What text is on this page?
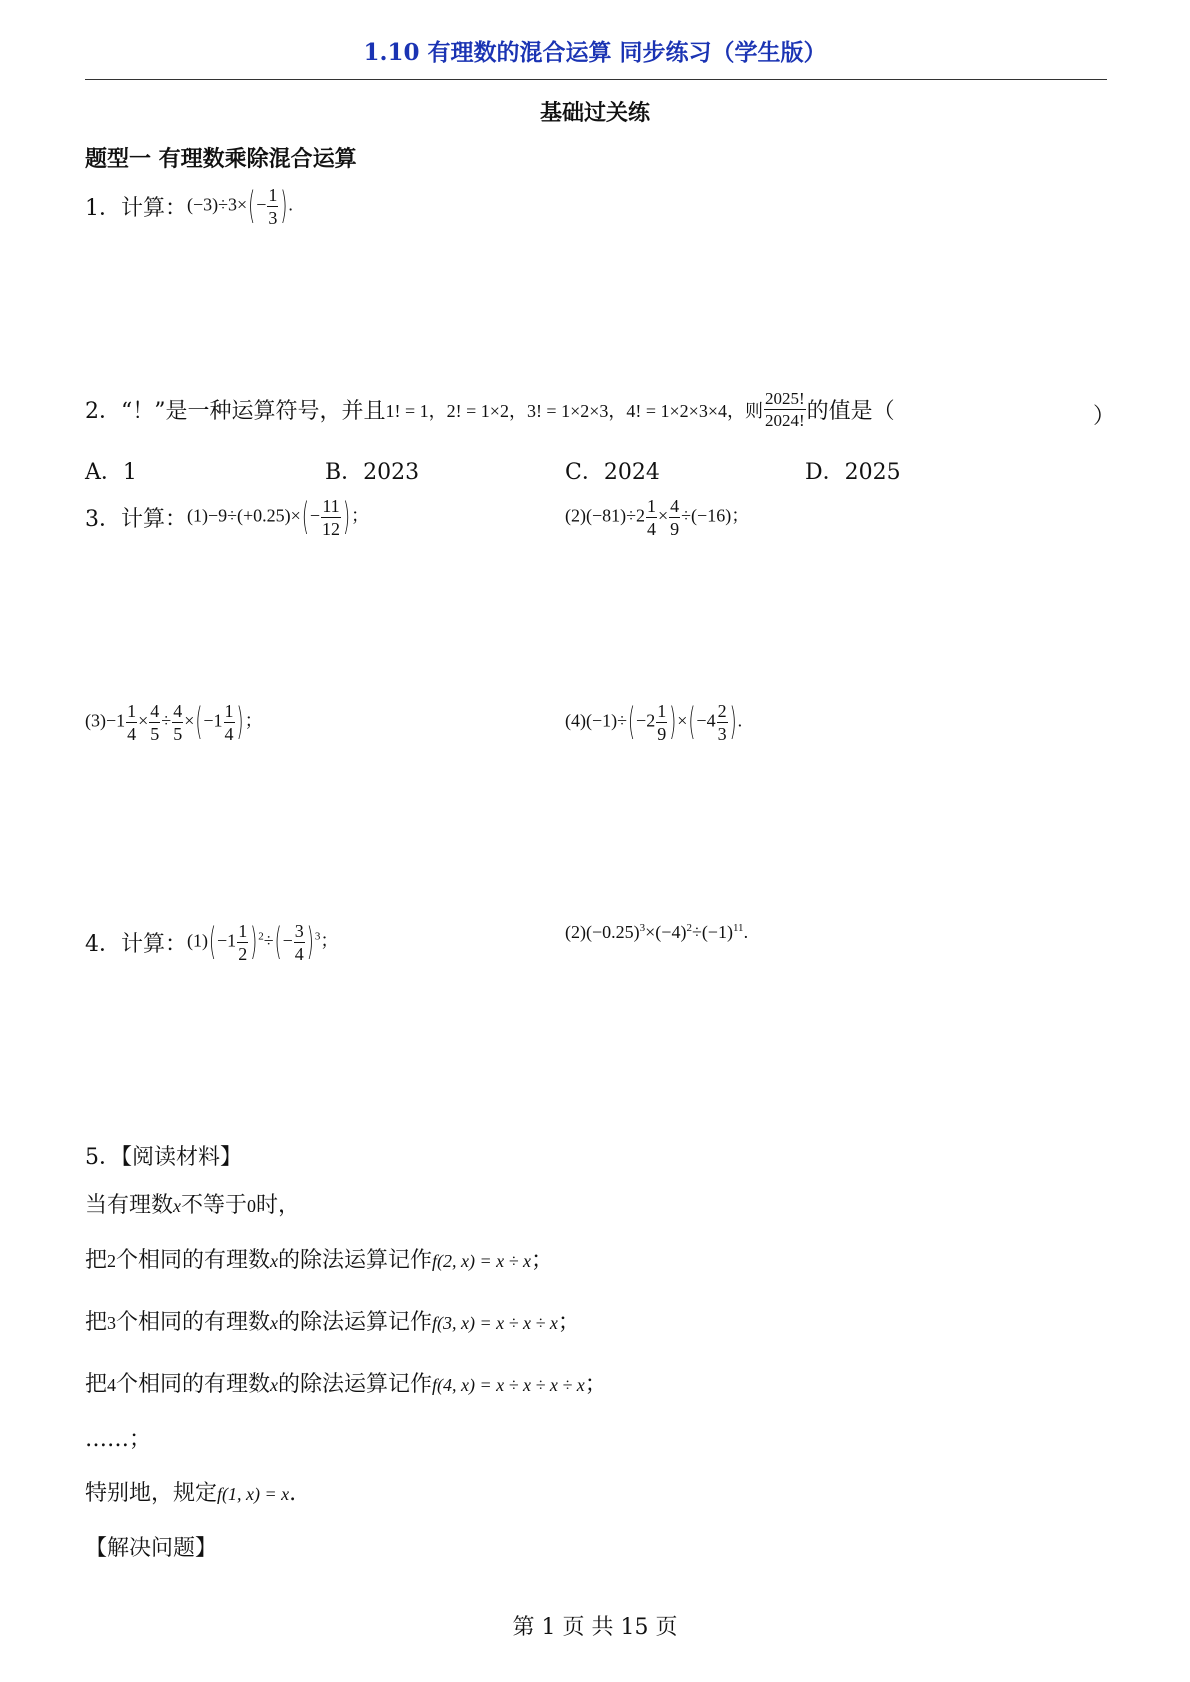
1.10 有理数的混合运算 同步练习（学生版）
基础过关练
题型一 有理数乘除混合运算
1．计算： $(-3)\div 3\times(- \frac{1}{3}$ ).
2．“！”是一种运算符号，并且 1! = 1，2! = 1×2，3! = 1×2×3，4! = 1×2×3×4，则 $\frac{2025!}{2024!}$ 的值是（	）
A．1	B．2023	C．2024	D．2025
3．计算： $(1)-9\div(+0.25)\times(- \frac{11}{12}$ )；	$(2)(-81)\div 2 \frac{1}{4} \times \frac{4}{9} \div(-16)$；
$(3)-1 \frac{1}{4} \times \frac{4}{5} \div \frac{4}{5} \times(-1 \frac{1}{4}$ )；	$(4)(-1)\div(-2 \frac{1}{9} )\times(-4 \frac{2}{3}$ ).
4．计算： $(1)(-1 \frac{1}{2} )^2\div(- \frac{3}{4} )^3$；	$(2)(-0.25)^3\times(-4)^2\div(-1)^{11}$.
5．【阅读材料】
当有理数x不等于0时，
把2个相同的有理数x的除法运算记作f(2, x) = x ÷ x；
把3个相同的有理数x的除法运算记作f(3, x) = x ÷ x ÷ x；
把4个相同的有理数x的除法运算记作f(4, x) = x ÷ x ÷ x ÷ x；
……；
特别地，规定f(1, x) = x.
【解决问题】
第 1 页 共 15 页
